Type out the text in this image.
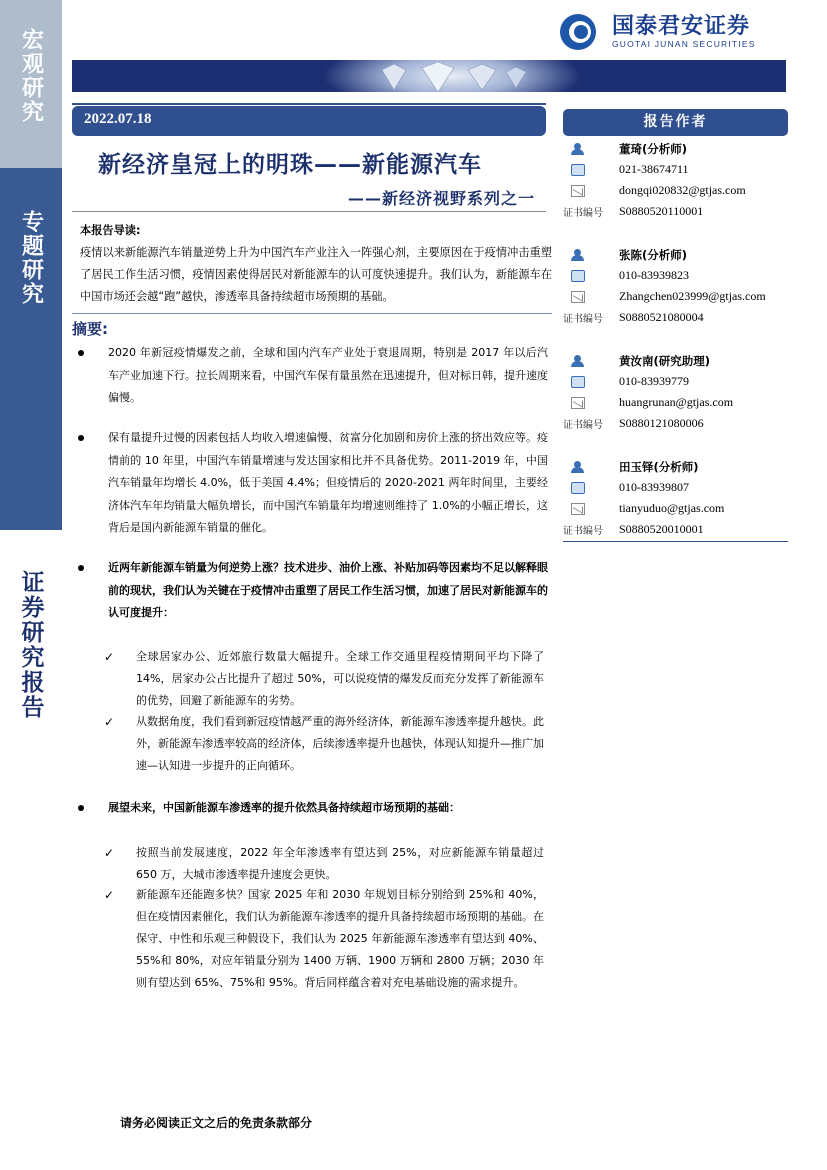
宏观研究
专题研究
证券研究报告
国泰君安证券
GUOTAI JUNAN SECURITIES
2022.07.18
新经济皇冠上的明珠——新能源汽车
——新经济视野系列之一
本报告导读:
疫情以来新能源汽车销量逆势上升为中国汽车产业注入一阵强心剂，主要原因在于疫情冲击重塑了居民工作生活习惯，疫情因素使得居民对新能源车的认可度快速提升。我们认为，新能源车在中国市场还会越“跑”越快，渗透率具备持续超市场预期的基础。
摘要:
2020 年新冠疫情爆发之前，全球和国内汽车产业处于衰退周期，特别是 2017 年以后汽车产业加速下行。拉长周期来看，中国汽车保有量虽然在迅速提升，但对标日韩，提升速度偏慢。
保有量提升过慢的因素包括人均收入增速偏慢、贫富分化加剧和房价上涨的挤出效应等。疫情前的 10 年里，中国汽车销量增速与发达国家相比并不具备优势。2011-2019 年，中国汽车销量年均增长 4.0%，低于美国 4.4%；但疫情后的 2020-2021 两年时间里，主要经济体汽车年均销量大幅负增长，而中国汽车销量年均增速则维持了 1.0%的小幅正增长，这背后是国内新能源车销量的催化。
近两年新能源车销量为何逆势上涨？技术进步、油价上涨、补贴加码等因素均不足以解释眼前的现状，我们认为关键在于疫情冲击重塑了居民工作生活习惯，加速了居民对新能源车的认可度提升：
✓ 全球居家办公、近郊旅行数量大幅提升。全球工作交通里程疫情期间平均下降了 14%，居家办公占比提升了超过 50%，可以说疫情的爆发反而充分发挥了新能源车的优势，回避了新能源车的劣势。
✓ 从数据角度，我们看到新冠疫情越严重的海外经济体，新能源车渗透率提升越快。此外，新能源车渗透率较高的经济体，后续渗透率提升也越快，体现认知提升—推广加速—认知进一步提升的正向循环。
展望未来，中国新能源车渗透率的提升依然具备持续超市场预期的基础：
✓ 按照当前发展速度，2022 年全年渗透率有望达到 25%，对应新能源车销量超过 650 万，大城市渗透率提升速度会更快。
✓ 新能源车还能跑多快？国家 2025 年和 2030 年规划目标分别给到 25%和 40%，但在疫情因素催化，我们认为新能源车渗透率的提升具备持续超市场预期的基础。在保守、中性和乐观三种假设下，我们认为 2025 年新能源车渗透率有望达到 40%、55%和 80%，对应年销量分别为 1400 万辆、1900 万辆和 2800 万辆；2030 年则有望达到 65%、75%和 95%。背后同样蕴含着对充电基础设施的需求提升。
报告作者
董琦(分析师)
021-38674711
dongqi020832@gtjas.com
证书编号 S0880520110001
张陈(分析师)
010-83939823
Zhangchen023999@gtjas.com
证书编号 S0880521080004
黄汝南(研究助理)
010-83939779
huangrunan@gtjas.com
证书编号 S0880121080006
田玉铎(分析师)
010-83939807
tianyuduo@gtjas.com
证书编号 S0880520010001
请务必阅读正文之后的免责条款部分
